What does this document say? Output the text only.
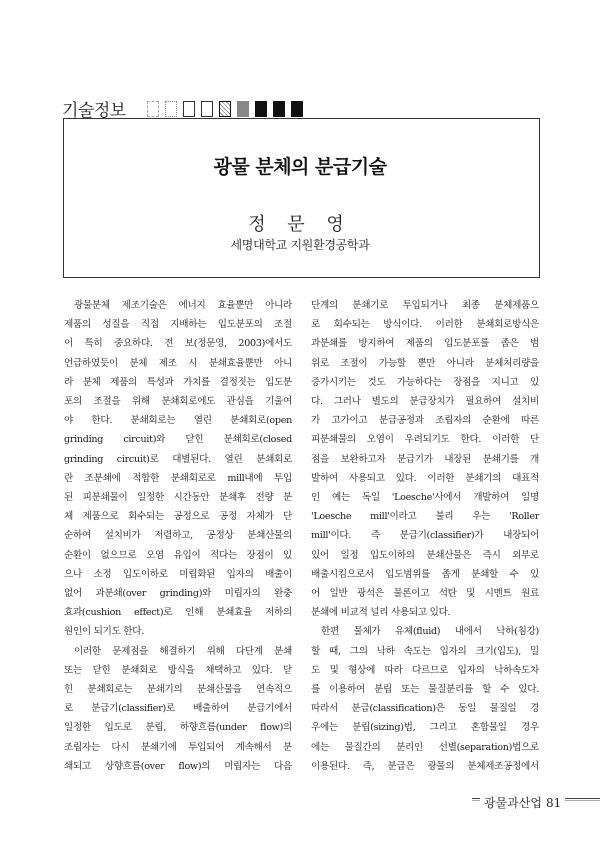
기술정보
광물 분체의 분급기술
정 문 영
세명대학교 지원환경공학과

광물분체 제조기술은 에너지 효율뿐만 아니라

제품의 성질을 직접 지배하는 입도분포의 조절

이 특히 중요하다. 전 보(정문영, 2003)에서도

언급하였듯이 분체 제조 시 분쇄효율뿐만 아니

라 분체 제품의 특성과 가치를 결정짓는 입도분

포의 조절을 위해 분쇄회로에도 관심을 기울여

야 한다. 분쇄회로는 열린 분쇄회로(open

grinding circuit)와 닫힌 분쇄회로(closed

grinding circuit)로 대별된다. 열린 분쇄회로

란 조분쇄에 적합한 분쇄회로로 mill내에 투입

된 피분쇄물이 일정한 시간동안 분쇄후 전량 분

체 제품으로 회수되는 공정으로 공정 자체가 단

순하여 설치비가 저렴하고, 공정상 분쇄산물의

순환이 없으므로 오염 유입이 적다는 장점이 있

으나 소정 입도이하로 미립화된 입자의 배출이

없어 과분쇄(over grinding)와 미립자의 완충

효과(cushion effect)로 인해 분쇄효율 저하의

원인이 되기도 한다.

이러한 문제점을 해결하기 위해 다단계 분쇄

또는 닫힌 분쇄회로 방식을 채택하고 있다. 닫

힌 분쇄회로는 분쇄기의 분쇄산물을 연속적으

로 분급기(classifier)로 배출하여 분급기에서

일정한 입도로 분립, 하향흐름(under flow)의

조립자는 다시 분쇄기에 투입되어 계속해서 분

쇄되고 상향흐름(over flow)의 미립자는 다음

단계의 분쇄기로 투입되거나 최종 분체제품으

로 회수되는 방식이다. 이러한 분쇄회로방식은

과분쇄를 방지하여 제품의 입도분포를 좁은 범

위로 조절이 가능할 뿐만 아니라 분체처리량을

증가시키는 것도 가능하다는 장점을 지니고 있

다. 그러나 별도의 분급장치가 필요하여 설치비

가 고가이고 분급공정과 조립자의 순환에 따른

피분쇄물의 오염이 우려되기도 한다. 이러한 단

점을 보완하고자 분급기가 내장된 분쇄기를 개

발하여 사용되고 있다. 이러한 분쇄기의 대표적

인 예는 독일 'Loesche'사에서 개발하여 일명

'Loesche mill'이라고 불리 우는 'Roller

mill'이다. 즉 분급기(classifier)가 내장되어

있어 일정 입도이하의 분쇄산물은 즉시 외부로

배출시킴으로서 입도범위를 좁게 분쇄할 수 있

어 일반 광석은 물론이고 석탄 및 시멘트 원료

분쇄에 비교적 널리 사용되고 있다.

한편 물체가 유체(fluid) 내에서 낙하(침강)

할 때, 그의 낙하 속도는 입자의 크기(입도), 밀

도 및 형상에 따라 다르므로 입자의 낙하속도차

를 이용하여 분립 또는 물질분리를 할 수 있다.

따라서 분급(classification)은 동일 물질일 경

우에는 분립(sizing)법, 그리고 혼합물일 경우

에는 물질간의 분리인 선별(separation)법으로

이용된다. 즉, 분급은 광물의 분체제조공정에서

광물과산업 81
